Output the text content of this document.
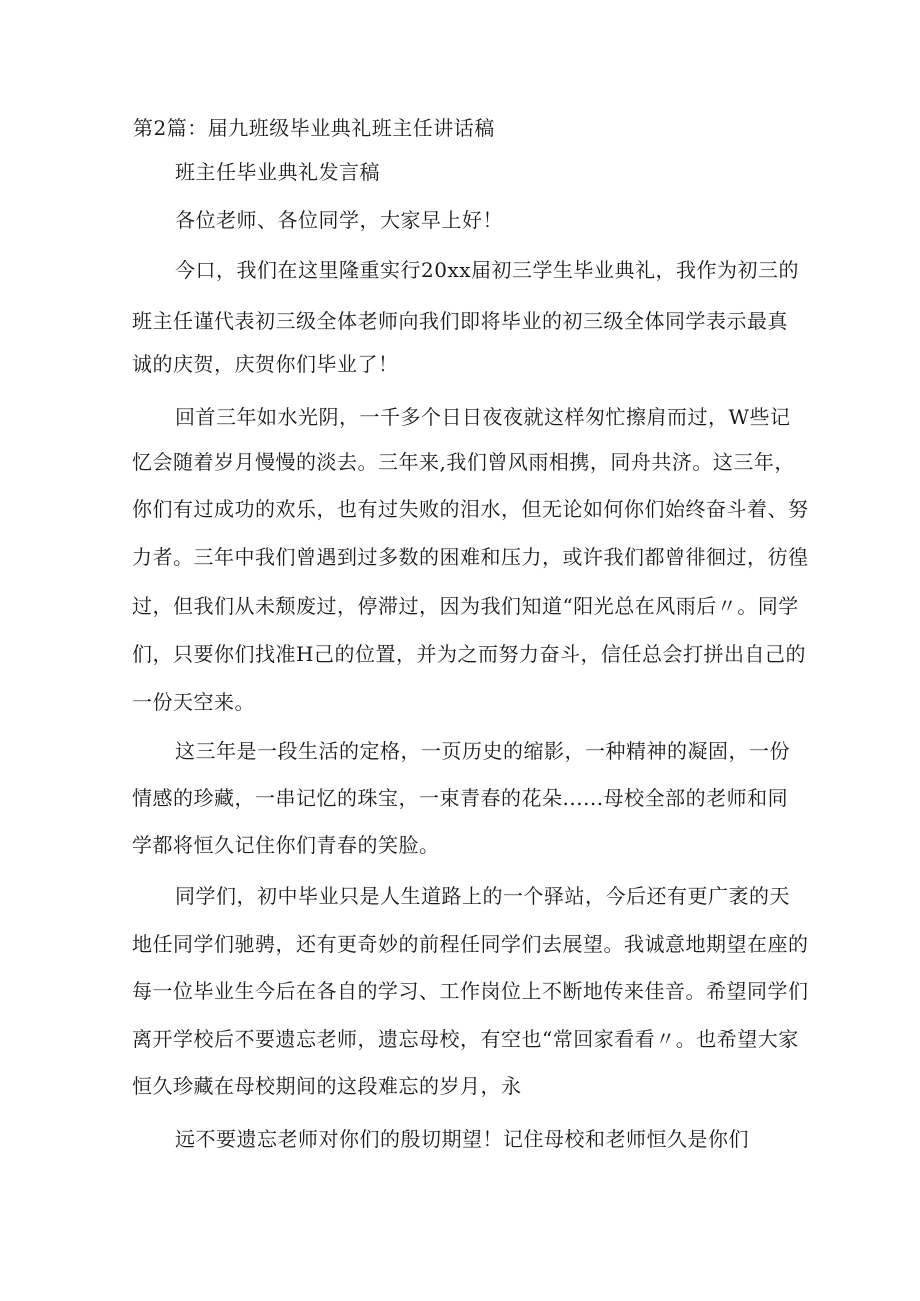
第2篇：届九班级毕业典礼班主任讲话稿
班主任毕业典礼发言稿
各位老师、各位同学，大家早上好！
今口，我们在这里隆重实行20xx届初三学生毕业典礼，我作为初三的
班主任谨代表初三级全体老师向我们即将毕业的初三级全体同学表示最真
诚的庆贺，庆贺你们毕业了！
回首三年如水光阴，一千多个日日夜夜就这样匆忙擦肩而过，W些记
忆会随着岁月慢慢的淡去。三年来,我们曾风雨相携，同舟共济。这三年，
你们有过成功的欢乐，也有过失败的泪水，但无论如何你们始终奋斗着、努
力者。三年中我们曾遇到过多数的困难和压力，或许我们都曾徘徊过，彷徨
过，但我们从未颓废过，停滞过，因为我们知道“阳光总在风雨后〃。同学
们，只要你们找准H己的位置，并为之而努力奋斗，信任总会打拼出自己的
一份天空来。
这三年是一段生活的定格，一页历史的缩影，一种精神的凝固，一份
情感的珍藏，一串记忆的珠宝，一束青春的花朵......母校全部的老师和同
学都将恒久记住你们青春的笑脸。
同学们，初中毕业只是人生道路上的一个驿站，今后还有更广袤的天
地任同学们驰骋，还有更奇妙的前程任同学们去展望。我诚意地期望在座的
每一位毕业生今后在各自的学习、工作岗位上不断地传来佳音。希望同学们
离开学校后不要遗忘老师，遗忘母校，有空也“常回家看看〃。也希望大家
恒久珍藏在母校期间的这段难忘的岁月，永
远不要遗忘老师对你们的殷切期望！记住母校和老师恒久是你们
